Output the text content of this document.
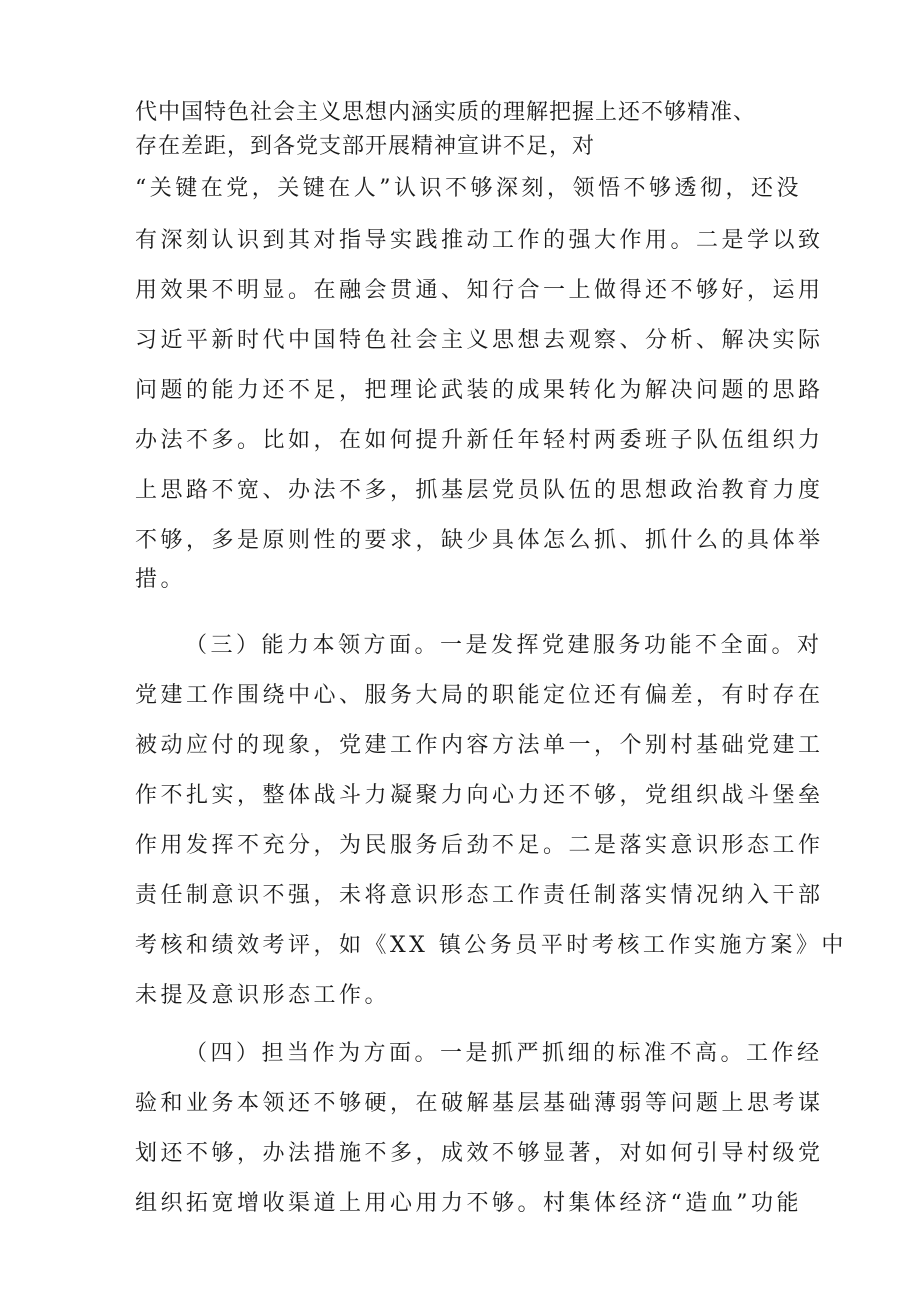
代中国特色社会主义思想内涵实质的理解把握上还不够精准、
存在差距，到各党支部开展精神宣讲不足，对
“关键在党，关键在人”认识不够深刻，领悟不够透彻，还没
有深刻认识到其对指导实践推动工作的强大作用。二是学以致
用效果不明显。在融会贯通、知行合一上做得还不够好，运用
习近平新时代中国特色社会主义思想去观察、分析、解决实际
问题的能力还不足，把理论武装的成果转化为解决问题的思路
办法不多。比如，在如何提升新任年轻村两委班子队伍组织力
上思路不宽、办法不多，抓基层党员队伍的思想政治教育力度
不够，多是原则性的要求，缺少具体怎么抓、抓什么的具体举
措。
（三）能力本领方面。一是发挥党建服务功能不全面。对
党建工作围绕中心、服务大局的职能定位还有偏差，有时存在
被动应付的现象，党建工作内容方法单一，个别村基础党建工
作不扎实，整体战斗力凝聚力向心力还不够，党组织战斗堡垒
作用发挥不充分，为民服务后劲不足。二是落实意识形态工作
责任制意识不强，未将意识形态工作责任制落实情况纳入干部
考核和绩效考评，如《XX 镇公务员平时考核工作实施方案》中
未提及意识形态工作。
（四）担当作为方面。一是抓严抓细的标准不高。工作经
验和业务本领还不够硬，在破解基层基础薄弱等问题上思考谋
划还不够，办法措施不多，成效不够显著，对如何引导村级党
组织拓宽增收渠道上用心用力不够。村集体经济“造血”功能
